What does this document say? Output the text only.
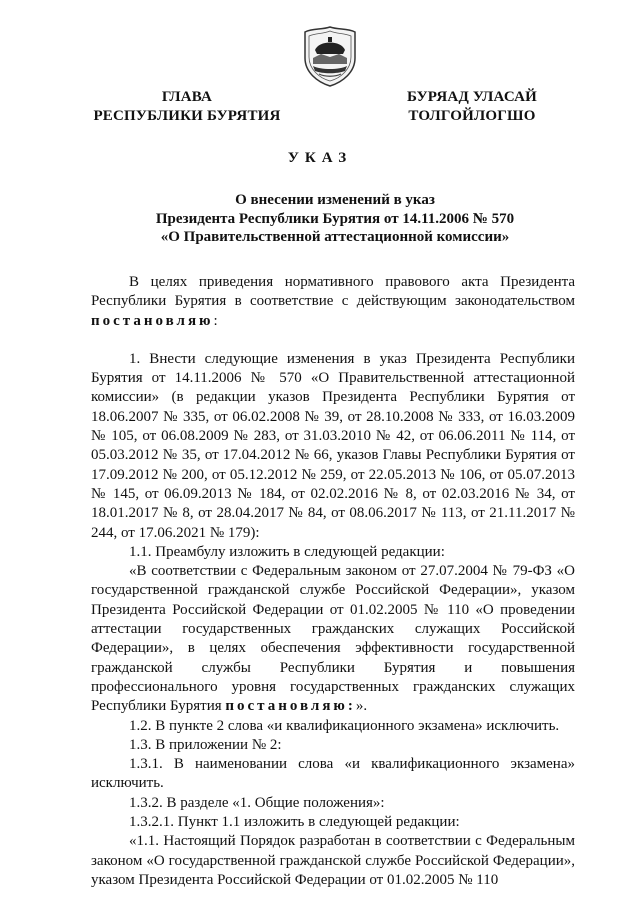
ГЛАВА
РЕСПУБЛИКИ БУРЯТИЯ
БУРЯАД УЛАСАЙ
ТОЛГОЙЛОГШО
УКАЗ
О внесении изменений в указ
Президента Республики Бурятия от 14.11.2006 № 570
«О Правительственной аттестационной комиссии»

В целях приведения нормативного правового акта Президента Республики Бурятия в соответствие с действующим законодательством постановляю:

1. Внести следующие изменения в указ Президента Республики Бурятия от 14.11.2006 № 570 «О Правительственной аттестационной комиссии» (в редакции указов Президента Республики Бурятия от 18.06.2007 № 335, от 06.02.2008 № 39, от 28.10.2008 № 333, от 16.03.2009 № 105, от 06.08.2009 № 283, от 31.03.2010 № 42, от 06.06.2011 № 114, от 05.03.2012 № 35, от 17.04.2012 № 66, указов Главы Республики Бурятия от 17.09.2012 № 200, от 05.12.2012 № 259, от 22.05.2013 № 106, от 05.07.2013 № 145, от 06.09.2013 № 184, от 02.02.2016 № 8, от 02.03.2016 № 34, от 18.01.2017 № 8, от 28.04.2017 № 84, от 08.06.2017 № 113, от 21.11.2017 № 244, от 17.06.2021 № 179):

1.1. Преамбулу изложить в следующей редакции:

«В соответствии с Федеральным законом от 27.07.2004 № 79-ФЗ «О государственной гражданской службе Российской Федерации», указом Президента Российской Федерации от 01.02.2005 № 110 «О проведении аттестации государственных гражданских служащих Российской Федерации», в целях обеспечения эффективности государственной гражданской службы Республики Бурятия и повышения профессионального уровня государственных гражданских служащих Республики Бурятия постановляю:».

1.2. В пункте 2 слова «и квалификационного экзамена» исключить.

1.3. В приложении № 2:

1.3.1. В наименовании слова «и квалификационного экзамена» исключить.

1.3.2. В разделе «1. Общие положения»:

1.3.2.1. Пункт 1.1 изложить в следующей редакции:

«1.1. Настоящий Порядок разработан в соответствии с Федеральным законом «О государственной гражданской службе Российской Федерации», указом Президента Российской Федерации от 01.02.2005 № 110
